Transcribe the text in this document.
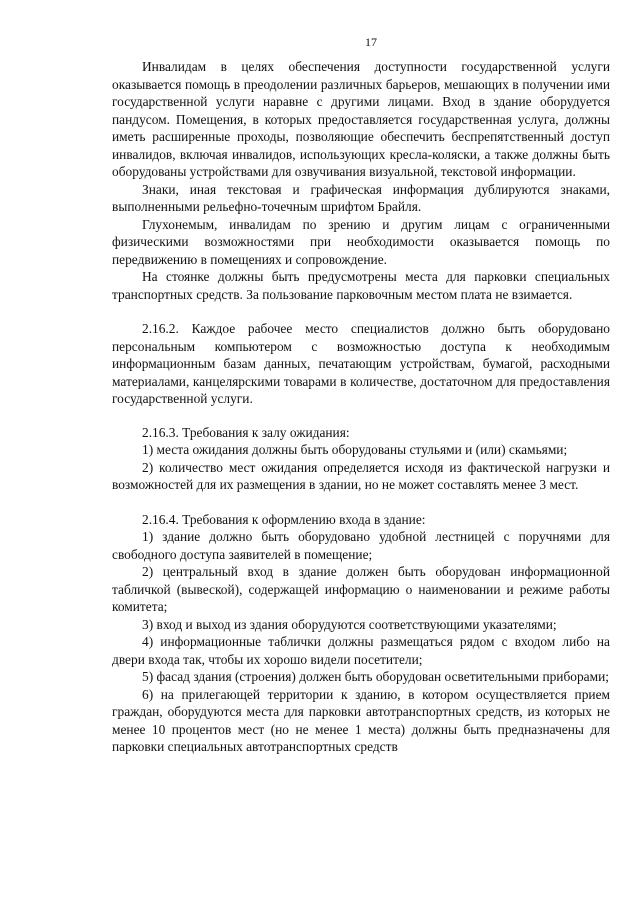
17

Инвалидам в целях обеспечения доступности государственной услуги оказывается помощь в преодолении различных барьеров, мешающих в получении ими государственной услуги наравне с другими лицами. Вход в здание оборудуется пандусом. Помещения, в которых предоставляется государственная услуга, должны иметь расширенные проходы, позволяющие обеспечить беспрепятственный доступ инвалидов, включая инвалидов, использующих кресла-коляски, а также должны быть оборудованы устройствами для озвучивания визуальной, текстовой информации.

Знаки, иная текстовая и графическая информация дублируются знаками, выполненными рельефно-точечным шрифтом Брайля.

Глухонемым, инвалидам по зрению и другим лицам с ограниченными физическими возможностями при необходимости оказывается помощь по передвижению в помещениях и сопровождение.

На стоянке должны быть предусмотрены места для парковки специальных транспортных средств. За пользование парковочным местом плата не взимается.

2.16.2. Каждое рабочее место специалистов должно быть оборудовано персональным компьютером с возможностью доступа к необходимым информационным базам данных, печатающим устройствам, бумагой, расходными материалами, канцелярскими товарами в количестве, достаточном для предоставления государственной услуги.

2.16.3. Требования к залу ожидания:

1) места ожидания должны быть оборудованы стульями и (или) скамьями;

2) количество мест ожидания определяется исходя из фактической нагрузки и возможностей для их размещения в здании, но не может составлять менее 3 мест.

2.16.4. Требования к оформлению входа в здание:

1) здание должно быть оборудовано удобной лестницей с поручнями для свободного доступа заявителей в помещение;

2) центральный вход в здание должен быть оборудован информационной табличкой (вывеской), содержащей информацию о наименовании и режиме работы комитета;

3) вход и выход из здания оборудуются соответствующими указателями;

4) информационные таблички должны размещаться рядом с входом либо на двери входа так, чтобы их хорошо видели посетители;

5) фасад здания (строения) должен быть оборудован осветительными приборами;

6) на прилегающей территории к зданию, в котором осуществляется прием граждан, оборудуются места для парковки автотранспортных средств, из которых не менее 10 процентов мест (но не менее 1 места) должны быть предназначены для парковки специальных автотранспортных средств
